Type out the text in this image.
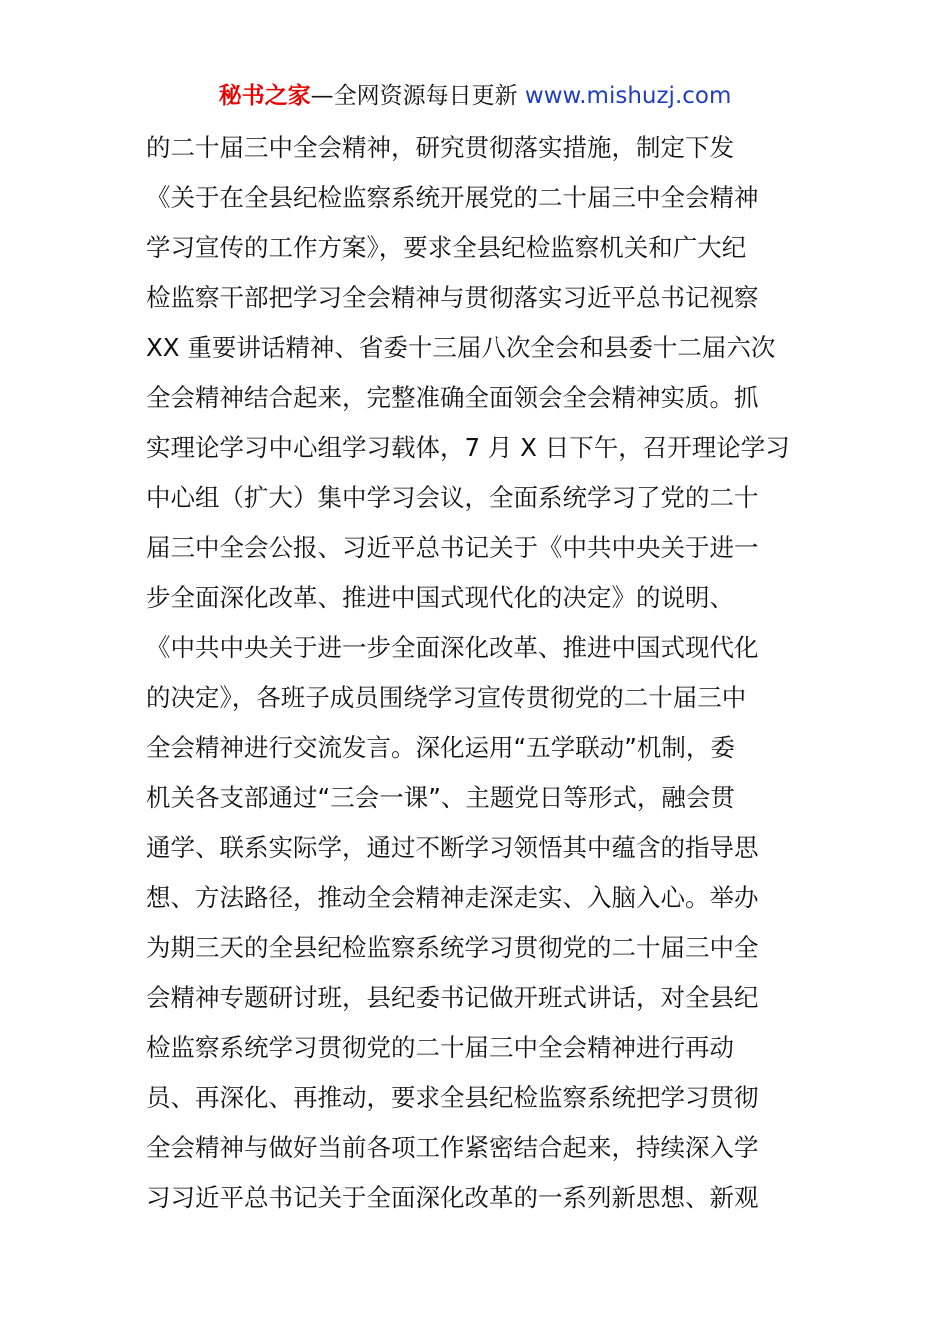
秘书之家—全网资源每日更新 www.mishuzj.com
的二十届三中全会精神，研究贯彻落实措施，制定下发
《关于在全县纪检监察系统开展党的二十届三中全会精神
学习宣传的工作方案》，要求全县纪检监察机关和广大纪
检监察干部把学习全会精神与贯彻落实习近平总书记视察
XX 重要讲话精神、省委十三届八次全会和县委十二届六次
全会精神结合起来，完整准确全面领会全会精神实质。抓
实理论学习中心组学习载体，7 月 X 日下午，召开理论学习
中心组（扩大）集中学习会议，全面系统学习了党的二十
届三中全会公报、习近平总书记关于《中共中央关于进一
步全面深化改革、推进中国式现代化的决定》的说明、
《中共中央关于进一步全面深化改革、推进中国式现代化
的决定》，各班子成员围绕学习宣传贯彻党的二十届三中
全会精神进行交流发言。深化运用“五学联动”机制，委
机关各支部通过“三会一课”、主题党日等形式，融会贯
通学、联系实际学，通过不断学习领悟其中蕴含的指导思
想、方法路径，推动全会精神走深走实、入脑入心。举办
为期三天的全县纪检监察系统学习贯彻党的二十届三中全
会精神专题研讨班，县纪委书记做开班式讲话，对全县纪
检监察系统学习贯彻党的二十届三中全会精神进行再动
员、再深化、再推动，要求全县纪检监察系统把学习贯彻
全会精神与做好当前各项工作紧密结合起来，持续深入学
习习近平总书记关于全面深化改革的一系列新思想、新观
